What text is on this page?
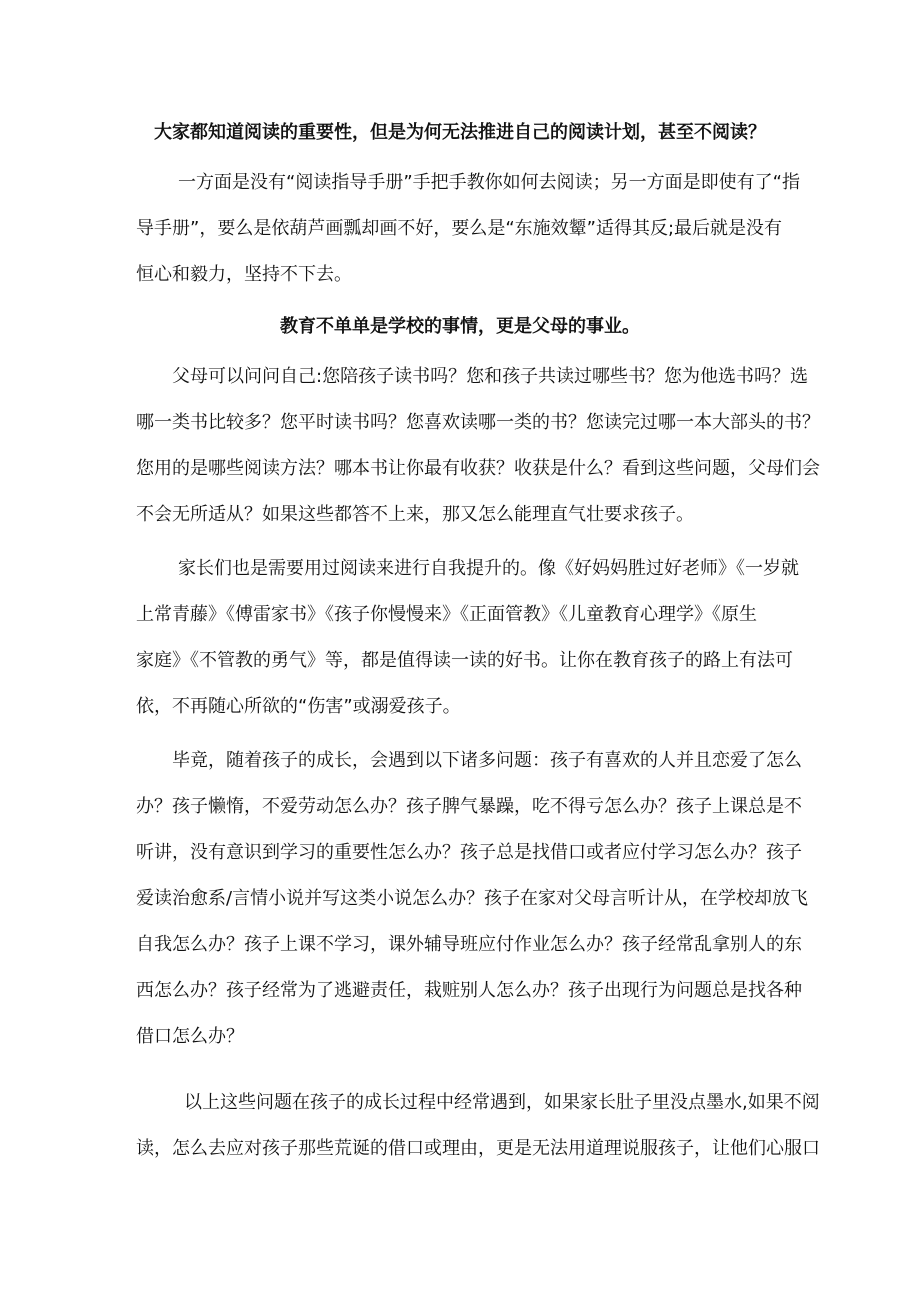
大家都知道阅读的重要性，但是为何无法推进自己的阅读计划，甚至不阅读？

一方面是没有“阅读指导手册”手把手教你如何去阅读；另一方面是即使有了“指

导手册”，要么是依葫芦画瓢却画不好，要么是“东施效颦”适得其反;最后就是没有

恒心和毅力，坚持不下去。

教育不单单是学校的事情，更是父母的事业。

父母可以问问自己:您陪孩子读书吗？您和孩子共读过哪些书？您为他选书吗？选

哪一类书比较多？您平时读书吗？您喜欢读哪一类的书？您读完过哪一本大部头的书？

您用的是哪些阅读方法？哪本书让你最有收获？收获是什么？看到这些问题，父母们会

不会无所适从？如果这些都答不上来，那又怎么能理直气壮要求孩子。

家长们也是需要用过阅读来进行自我提升的。像《好妈妈胜过好老师》《一岁就

上常青藤》《傅雷家书》《孩子你慢慢来》《正面管教》《儿童教育心理学》《原生

家庭》《不管教的勇气》等，都是值得读一读的好书。让你在教育孩子的路上有法可

依，不再随心所欲的“伤害”或溺爱孩子。

毕竟，随着孩子的成长，会遇到以下诸多问题：孩子有喜欢的人并且恋爱了怎么

办？孩子懒惰，不爱劳动怎么办？孩子脾气暴躁，吃不得亏怎么办？孩子上课总是不

听讲，没有意识到学习的重要性怎么办？孩子总是找借口或者应付学习怎么办？孩子

爱读治愈系/言情小说并写这类小说怎么办？孩子在家对父母言听计从，在学校却放飞

自我怎么办？孩子上课不学习，课外辅导班应付作业怎么办？孩子经常乱拿别人的东

西怎么办？孩子经常为了逃避责任，栽赃别人怎么办？孩子出现行为问题总是找各种

借口怎么办？

以上这些问题在孩子的成长过程中经常遇到，如果家长肚子里没点墨水,如果不阅

读，怎么去应对孩子那些荒诞的借口或理由，更是无法用道理说服孩子，让他们心服口
